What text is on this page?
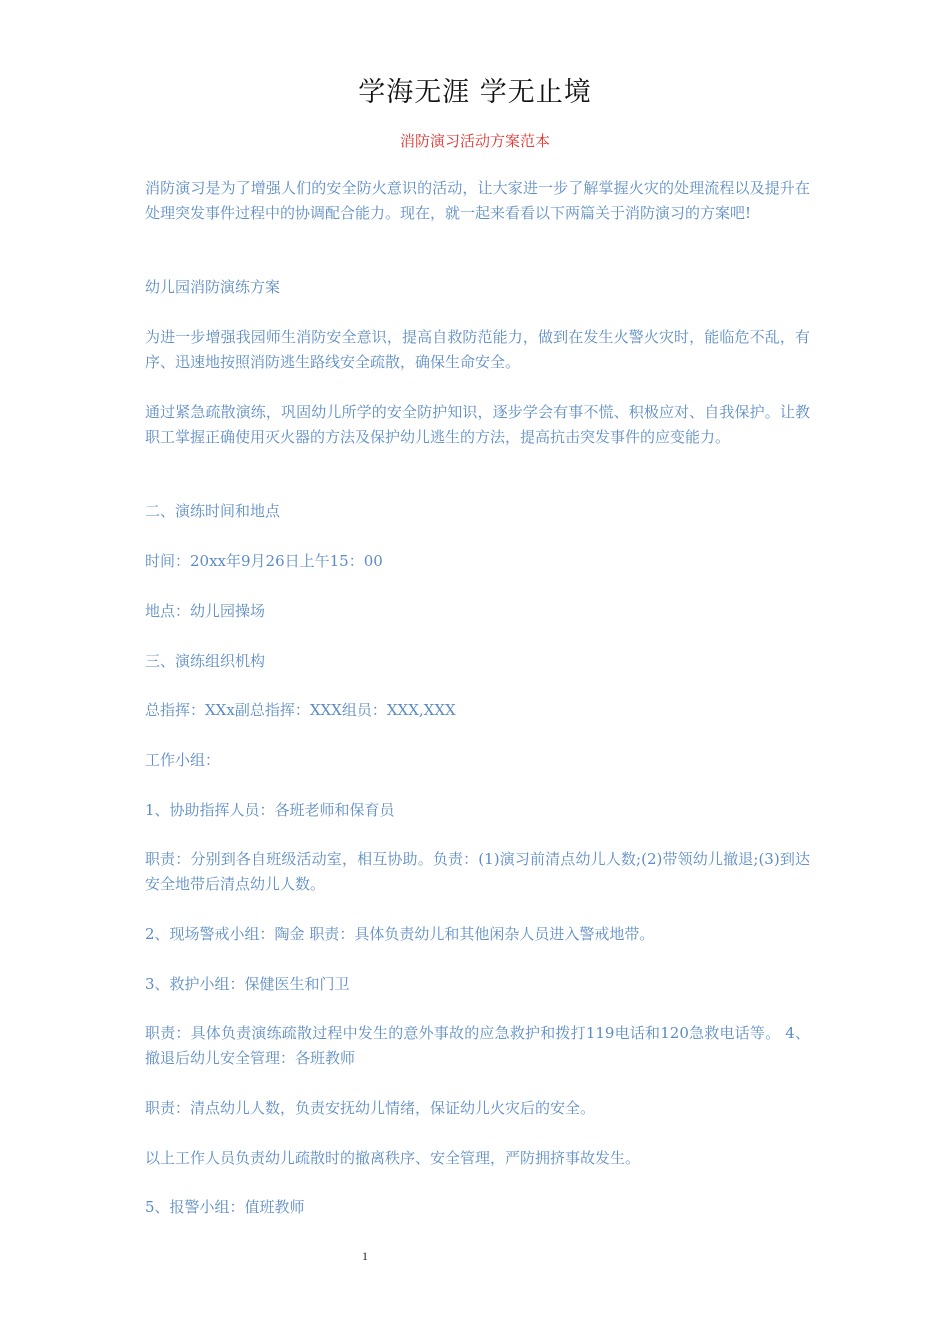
学海无涯 学无止境
消防演习活动方案范本
消防演习是为了增强人们的安全防火意识的活动，让大家进一步了解掌握火灾的处理流程以及提升在处理突发事件过程中的协调配合能力。现在，就一起来看看以下两篇关于消防演习的方案吧!
幼儿园消防演练方案
为进一步增强我园师生消防安全意识，提高自救防范能力，做到在发生火警火灾时，能临危不乱，有序、迅速地按照消防逃生路线安全疏散，确保生命安全。
通过紧急疏散演练，巩固幼儿所学的安全防护知识，逐步学会有事不慌、积极应对、自我保护。让教职工掌握正确使用灭火器的方法及保护幼儿逃生的方法，提高抗击突发事件的应变能力。
二、演练时间和地点
时间：20xx年9月26日上午15：00
地点：幼儿园操场
三、演练组织机构
总指挥：XXx副总指挥：XXX组员：XXX,XXX
工作小组：
1、协助指挥人员：各班老师和保育员
职责：分别到各自班级活动室，相互协助。负责：(1)演习前清点幼儿人数;(2)带领幼儿撤退;(3)到达安全地带后清点幼儿人数。
2、现场警戒小组：陶金 职责：具体负责幼儿和其他闲杂人员进入警戒地带。
3、救护小组：保健医生和门卫
职责：具体负责演练疏散过程中发生的意外事故的应急救护和拨打119电话和120急救电话等。 4、撤退后幼儿安全管理：各班教师
职责：清点幼儿人数，负责安抚幼儿情绪，保证幼儿火灾后的安全。
以上工作人员负责幼儿疏散时的撤离秩序、安全管理，严防拥挤事故发生。
5、报警小组：值班教师
1
